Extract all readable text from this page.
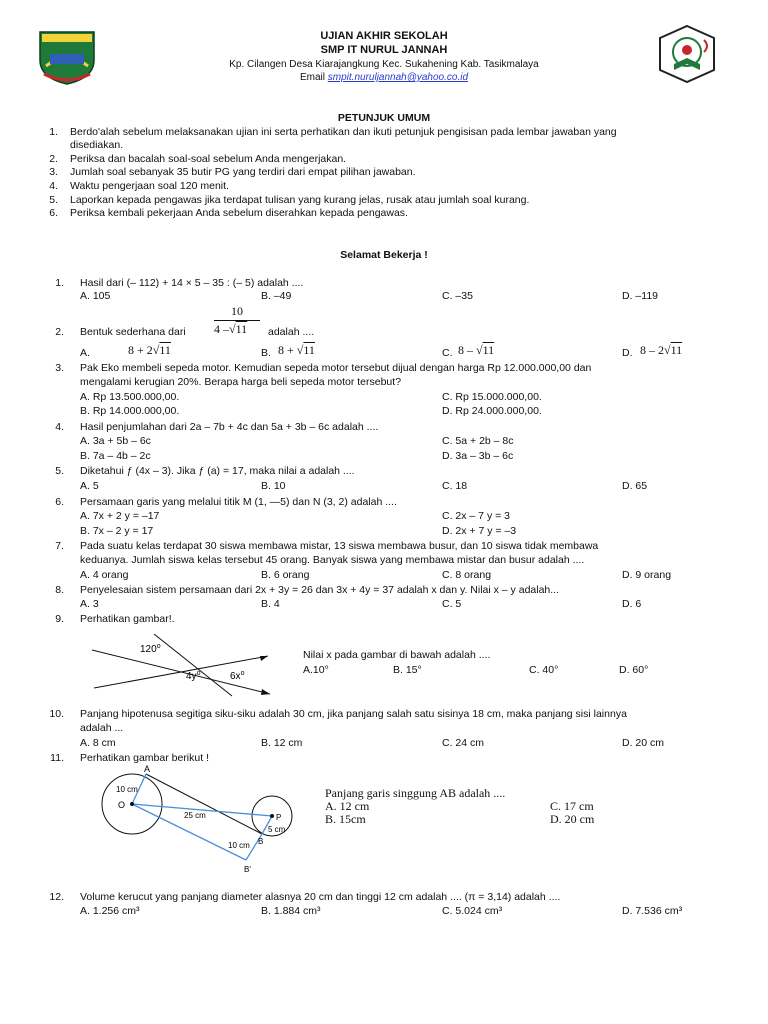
UJIAN AKHIR SEKOLAH
SMP IT NURUL JANNAH
Kp. Cilangen Desa Kiarajangkung Kec. Sukahening Kab. Tasikmalaya
Email smpit.nuruljannah@yahoo.co.id
PETUNJUK UMUM
1. Berdo'alah sebelum melaksanakan ujian ini serta perhatikan dan ikuti petunjuk pengisisan pada lembar jawaban yang
disediakan.
2. Periksa dan bacalah soal-soal sebelum Anda mengerjakan.
3. Jumlah soal sebanyak 35 butir PG yang terdiri dari empat pilihan jawaban.
4. Waktu pengerjaan soal 120 menit.
5. Laporkan kepada pengawas jika terdapat tulisan yang kurang jelas, rusak atau jumlah soal kurang.
6. Periksa kembali pekerjaan Anda sebelum diserahkan kepada pengawas.
Selamat Bekerja !
1. Hasil dari (– 112) + 14 × 5 – 35 : (– 5) adalah ....
A. 105	B. –49	C. –35	D. –119
2. Bentuk sederhana dari
10
4 –√11 adalah ....
A.	8 + 2√11	B. 8 + √11	C. 8 – √11	D. 8 – 2√11
3. Pak Eko membeli sepeda motor. Kemudian sepeda motor tersebut dijual dengan harga Rp 12.000.000,00 dan
mengalami kerugian 20%. Berapa harga beli sepeda motor tersebut?
A. Rp 13.500.000,00.
B. Rp 14.000.000,00.
C. Rp 15.000.000,00.
D. Rp 24.000.000,00.
4. Hasil penjumlahan dari 2a – 7b + 4c dan 5a + 3b – 6c adalah ....
A. 3a + 5b – 6c
B. 7a – 4b – 2c
C. 5a + 2b – 8c
D. 3a – 3b – 6c
5. Diketahui ƒ (4x – 3). Jika ƒ (a) = 17, maka nilai a adalah ....
A. 5	B. 10	C. 18	D. 65
6. Persamaan garis yang melalui titik M (1, —5) dan N (3, 2) adalah ....
A. 7x + 2 y = –17
B. 7x – 2 y = 17
C. 2x – 7 y = 3
D. 2x + 7 y = –3
7. Pada suatu kelas terdapat 30 siswa membawa mistar, 13 siswa membawa busur, dan 10 siswa tidak membawa
keduanya. Jumlah siswa kelas tersebut 45 orang. Banyak siswa yang membawa mistar dan busur adalah ....
A. 4 orang	B. 6 orang	C. 8 orang	D. 9 orang
8. Penyelesaian sistem persamaan dari 2x + 3y = 26 dan 3x + 4y = 37 adalah x dan y. Nilai x – y adalah...
A. 3	B. 4	C. 5	D. 6
9. Perhatikan gambar!.
120$^o$
$4y^o$	$6x^o$
Nilai x pada gambar di bawah adalah ....
A.10°	B. 15°	C. 40°	D. 60°
10. Panjang hipotenusa segitiga siku-siku adalah 30 cm, jika panjang salah satu sisinya 18 cm, maka panjang sisi lainnya
adalah ...
A. 8 cm	B. 12 cm	C. 24 cm	D. 20 cm
11. Perhatikan gambar berikut !
A
O
P
B
B'
10 cm
25 cm
5 cm
10 cm
Panjang garis singgung AB adalah ....
A. 12 cm
B. 15cm
C. 17 cm
D. 20 cm
12. Volume kerucut yang panjang diameter alasnya 20 cm dan tinggi 12 cm adalah .... (π = 3,14) adalah ....
A. 1.256 cm³	B. 1.884 cm³	C. 5.024 cm³	D. 7.536 cm³
